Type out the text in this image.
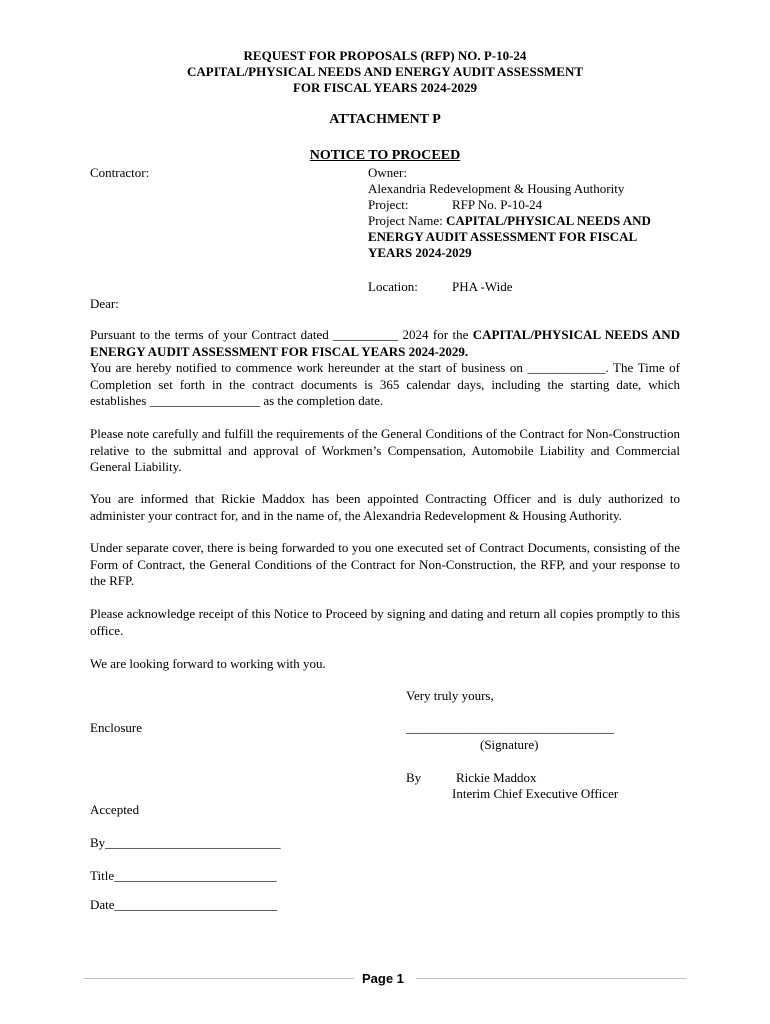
REQUEST FOR PROPOSALS (RFP) NO. P-10-24
CAPITAL/PHYSICAL NEEDS AND ENERGY AUDIT ASSESSMENT
FOR FISCAL YEARS 2024-2029
ATTACHMENT P
NOTICE TO PROCEED
Contractor:	Owner:
Alexandria Redevelopment & Housing Authority
Project:	RFP No. P-10-24
Project Name: CAPITAL/PHYSICAL NEEDS AND
ENERGY AUDIT ASSESSMENT FOR FISCAL
YEARS 2024-2029
Location:	PHA -Wide
Dear:
Pursuant to the terms of your Contract dated __________ 2024 for the CAPITAL/PHYSICAL NEEDS AND ENERGY AUDIT ASSESSMENT FOR FISCAL YEARS 2024-2029.
You are hereby notified to commence work hereunder at the start of business on ____________. The Time of Completion set forth in the contract documents is 365 calendar days, including the starting date, which establishes _________________ as the completion date.
Please note carefully and fulfill the requirements of the General Conditions of the Contract for Non-Construction relative to the submittal and approval of Workmen’s Compensation, Automobile Liability and Commercial General Liability.
You are informed that Rickie Maddox has been appointed Contracting Officer and is duly authorized to administer your contract for, and in the name of, the Alexandria Redevelopment & Housing Authority.
Under separate cover, there is being forwarded to you one executed set of Contract Documents, consisting of the Form of Contract, the General Conditions of the Contract for Non-Construction, the RFP, and your response to the RFP.
Please acknowledge receipt of this Notice to Proceed by signing and dating and return all copies promptly to this office.
We are looking forward to working with you.
Very truly yours,
Enclosure	________________________________
(Signature)
By	Rickie Maddox
Interim Chief Executive Officer
Accepted
By___________________________
Title_________________________
Date_________________________
Page 1
